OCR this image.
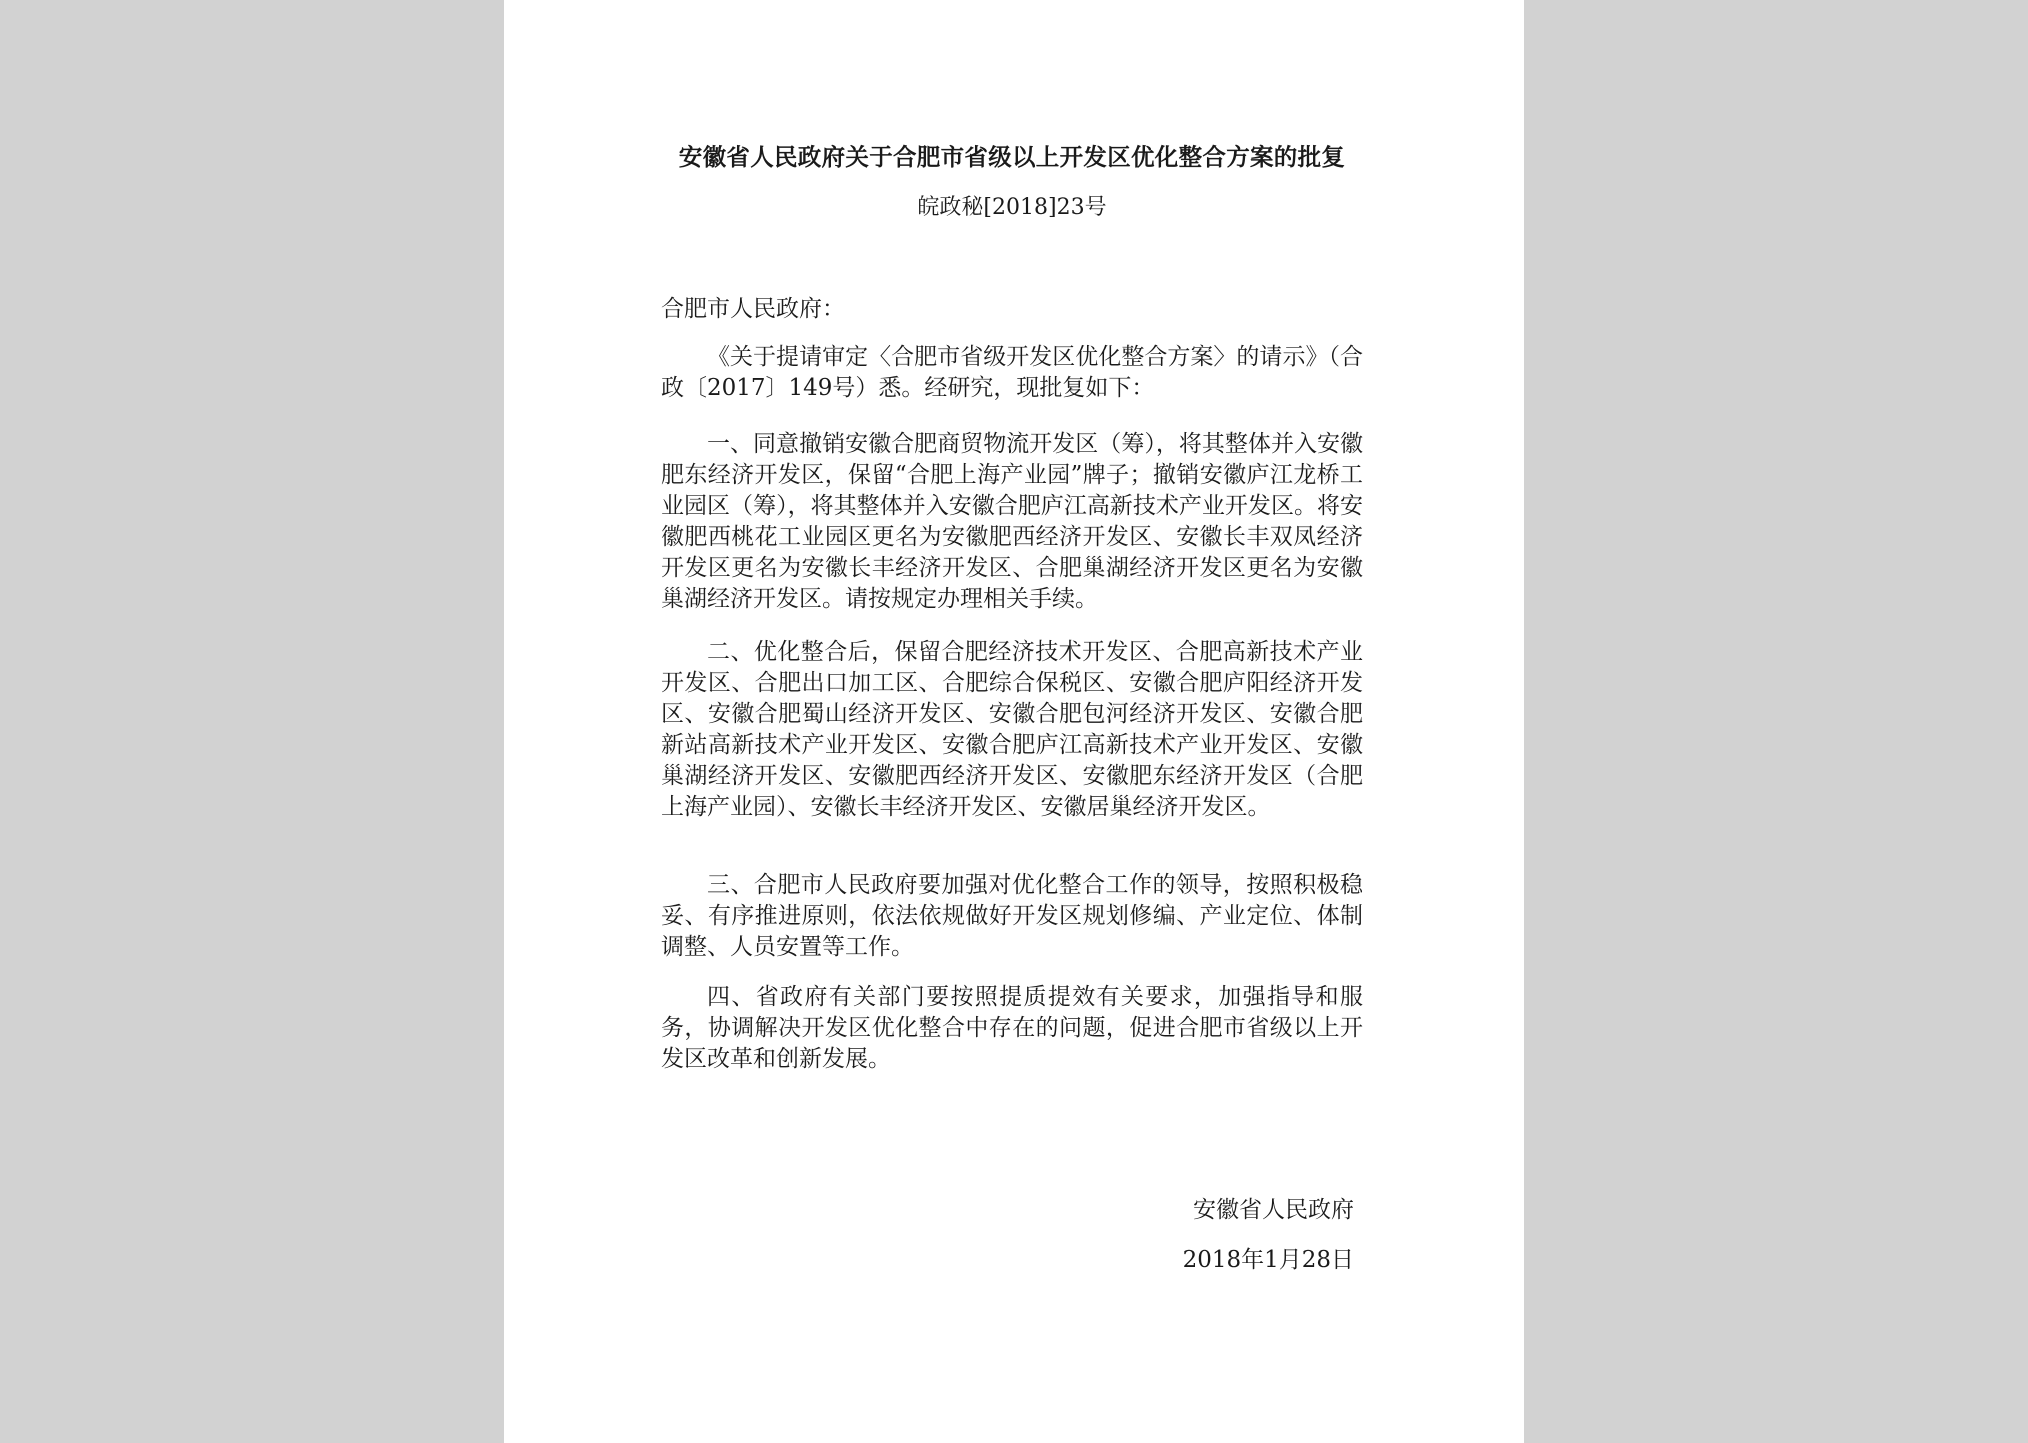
安徽省人民政府关于合肥市省级以上开发区优化整合方案的批复
皖政秘[2018]23号
合肥市人民政府：

《关于提请审定〈合肥市省级开发区优化整合方案〉的请示》（合政〔2017〕149号）悉。经研究，现批复如下：

一、同意撤销安徽合肥商贸物流开发区（筹），将其整体并入安徽肥东经济开发区，保留“合肥上海产业园”牌子；撤销安徽庐江龙桥工业园区（筹），将其整体并入安徽合肥庐江高新技术产业开发区。将安徽肥西桃花工业园区更名为安徽肥西经济开发区、安徽长丰双凤经济开发区更名为安徽长丰经济开发区、合肥巢湖经济开发区更名为安徽巢湖经济开发区。请按规定办理相关手续。

二、优化整合后，保留合肥经济技术开发区、合肥高新技术产业开发区、合肥出口加工区、合肥综合保税区、安徽合肥庐阳经济开发区、安徽合肥蜀山经济开发区、安徽合肥包河经济开发区、安徽合肥新站高新技术产业开发区、安徽合肥庐江高新技术产业开发区、安徽巢湖经济开发区、安徽肥西经济开发区、安徽肥东经济开发区（合肥上海产业园）、安徽长丰经济开发区、安徽居巢经济开发区。

三、合肥市人民政府要加强对优化整合工作的领导，按照积极稳妥、有序推进原则，依法依规做好开发区规划修编、产业定位、体制调整、人员安置等工作。

四、省政府有关部门要按照提质提效有关要求，加强指导和服务，协调解决开发区优化整合中存在的问题，促进合肥市省级以上开发区改革和创新发展。

安徽省人民政府
2018年1月28日
